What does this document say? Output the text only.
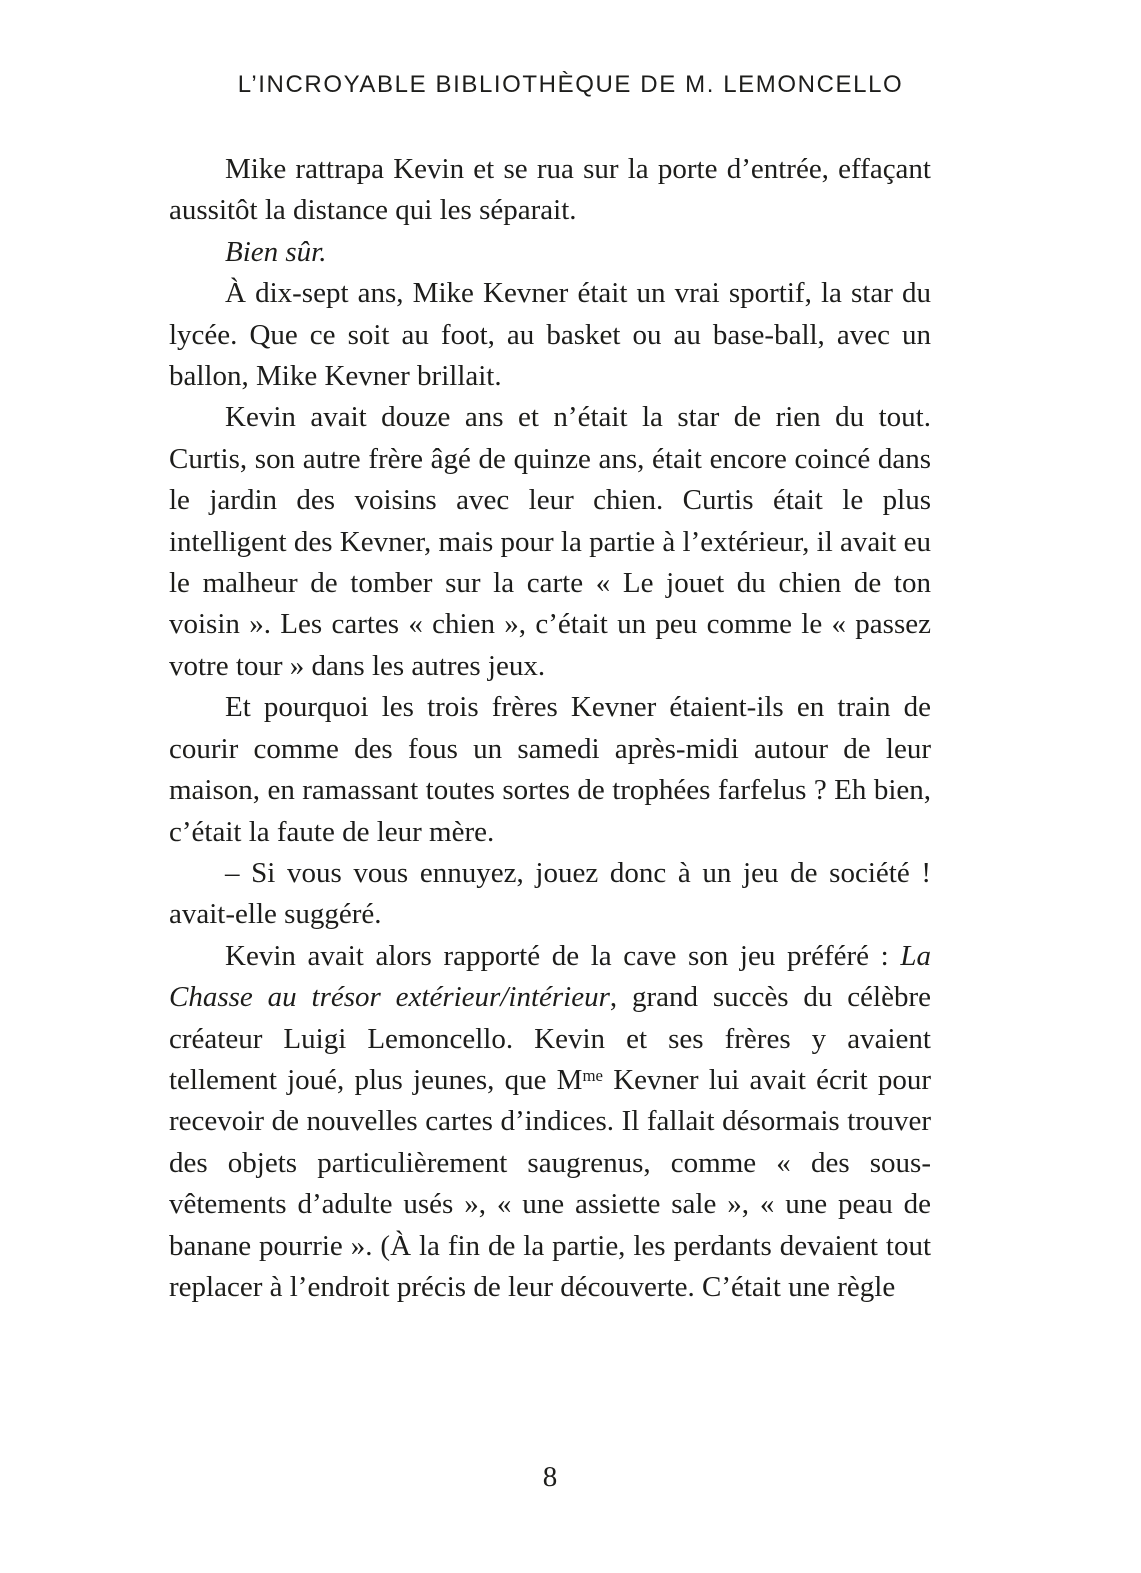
L’INCROYABLE BIBLIOTHÈQUE DE M. LEMONCELLO

Mike rattrapa Kevin et se rua sur la porte d’entrée, effaçant aussitôt la distance qui les séparait.

Bien sûr.

À dix-sept ans, Mike Kevner était un vrai sportif, la star du lycée. Que ce soit au foot, au basket ou au base-ball, avec un ballon, Mike Kevner brillait.

Kevin avait douze ans et n’était la star de rien du tout. Curtis, son autre frère âgé de quinze ans, était encore coincé dans le jardin des voisins avec leur chien. Curtis était le plus intelligent des Kevner, mais pour la partie à l’extérieur, il avait eu le malheur de tomber sur la carte « Le jouet du chien de ton voisin ». Les cartes « chien », c’était un peu comme le « passez votre tour » dans les autres jeux.

Et pourquoi les trois frères Kevner étaient-ils en train de courir comme des fous un samedi après-midi autour de leur maison, en ramassant toutes sortes de trophées farfelus ? Eh bien, c’était la faute de leur mère.

– Si vous vous ennuyez, jouez donc à un jeu de société ! avait-elle suggéré.

Kevin avait alors rapporté de la cave son jeu préféré : La Chasse au trésor extérieur/intérieur, grand succès du célèbre créateur Luigi Lemoncello. Kevin et ses frères y avaient tellement joué, plus jeunes, que $M^{me}$ Kevner lui avait écrit pour recevoir de nouvelles cartes d’indices. Il fallait désormais trouver des objets particulièrement saugrenus, comme « des sous-vêtements d’adulte usés », « une assiette sale », « une peau de banane pourrie ». (À la fin de la partie, les perdants devaient tout replacer à l’endroit précis de leur découverte. C’était une règle

8
